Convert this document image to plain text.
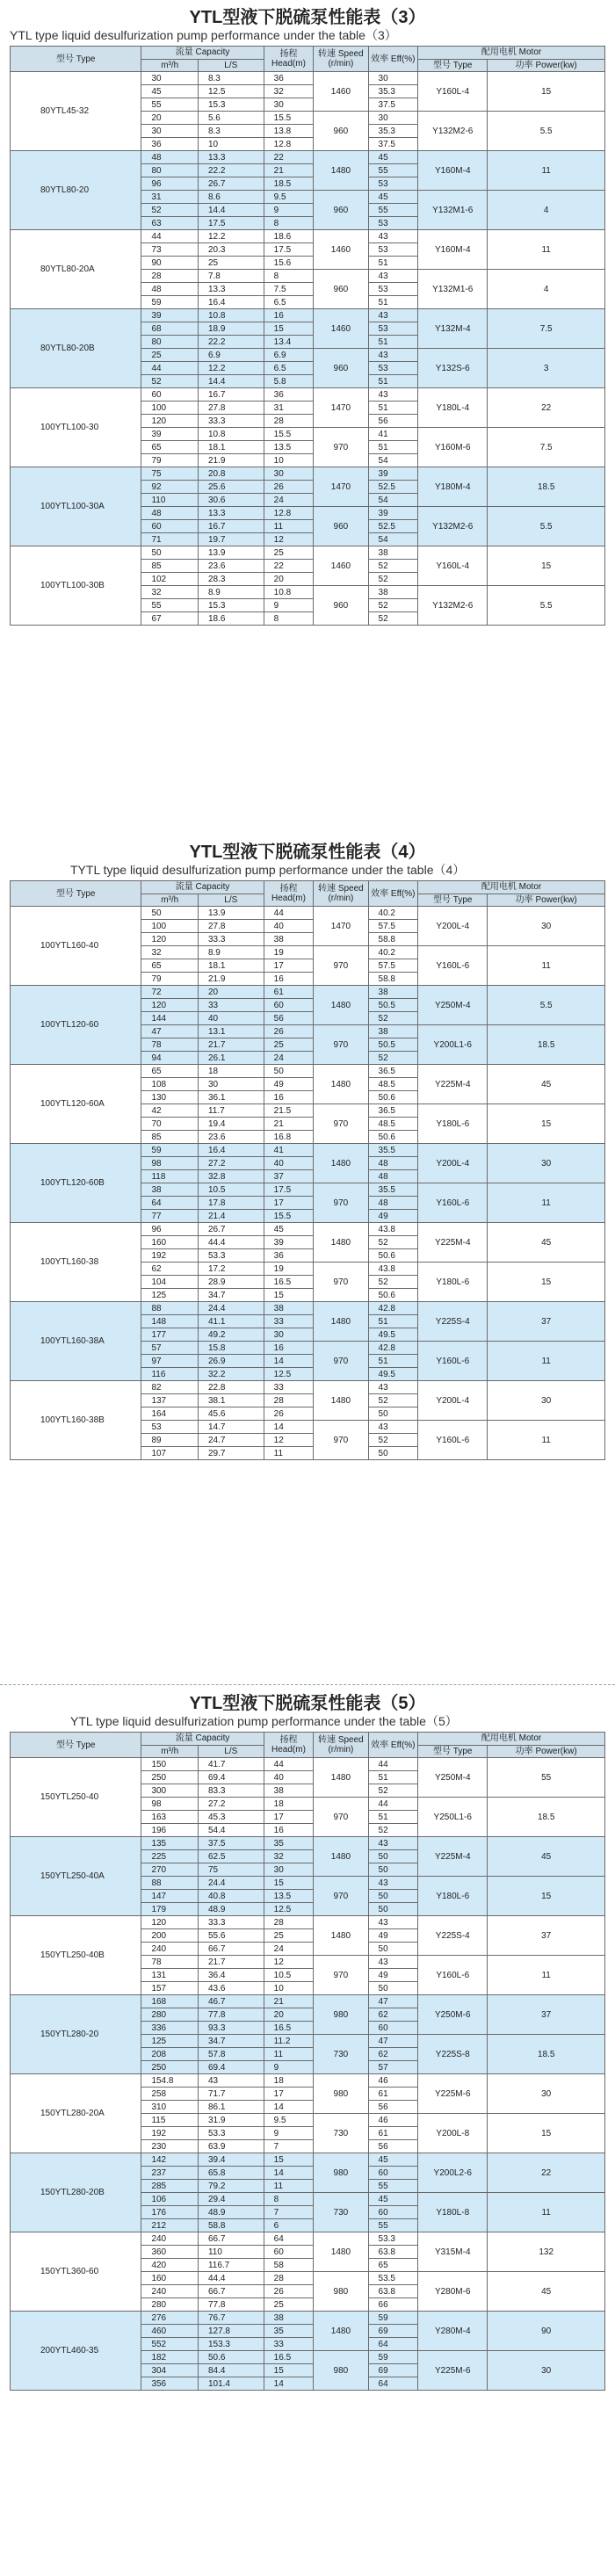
YTL型液下脱硫泵性能表（3）
YTL type liquid desulfurization pump performance under the table（3）
型号 Type	流量 Capacity		扬程 Head(m)	转速 Speed (r/min)	效率 Eff(%)	配用电机 Motor	
	m³/h	L/S				型号 Type	功率 Power(kw)
80YTL45-32	30	8.3	36	1460	30	Y160L-4	15
	45	12.5	32		35.3		
	55	15.3	30		37.5		
	20	5.6	15.5	960	30	Y132M2-6	5.5
	30	8.3	13.8		35.3		
	36	10	12.8		37.5		
80YTL80-20	48	13.3	22	1480	45	Y160M-4	11
	80	22.2	21		55		
	96	26.7	18.5		53		
	31	8.6	9.5	960	45	Y132M1-6	4
	52	14.4	9		55		
	63	17.5	8		53		
80YTL80-20A	44	12.2	18.6	1460	43	Y160M-4	11
	73	20.3	17.5		53		
	90	25	15.6		51		
	28	7.8	8	960	43	Y132M1-6	4
	48	13.3	7.5		53		
	59	16.4	6.5		51		
80YTL80-20B	39	10.8	16	1460	43	Y132M-4	7.5
	68	18.9	15		53		
	80	22.2	13.4		51		
	25	6.9	6.9	960	43	Y132S-6	3
	44	12.2	6.5		53		
	52	14.4	5.8		51		
100YTL100-30	60	16.7	36	1470	43	Y180L-4	22
	100	27.8	31		51		
	120	33.3	28		56		
	39	10.8	15.5	970	41	Y160M-6	7.5
	65	18.1	13.5		51		
	79	21.9	10		54		
100YTL100-30A	75	20.8	30	1470	39	Y180M-4	18.5
	92	25.6	26		52.5		
	110	30.6	24		54		
	48	13.3	12.8	960	39	Y132M2-6	5.5
	60	16.7	11		52.5		
	71	19.7	12		54		
100YTL100-30B	50	13.9	25	1460	38	Y160L-4	15
	85	23.6	22		52		
	102	28.3	20		52		
	32	8.9	10.8	960	38	Y132M2-6	5.5
	55	15.3	9		52		
	67	18.6	8		52		
YTL型液下脱硫泵性能表（4）
TYTL type liquid desulfurization pump performance under the table（4）
型号 Type	流量 Capacity		扬程 Head(m)	转速 Speed (r/min)	效率 Eff(%)	配用电机 Motor	
	m³/h	L/S				型号 Type	功率 Power(kw)
100YTL160-40	50	13.9	44	1470	40.2	Y200L-4	30
	100	27.8	40		57.5		
	120	33.3	38		58.8		
	32	8.9	19	970	40.2	Y160L-6	11
	65	18.1	17		57.5		
	79	21.9	16		58.8		
100YTL120-60	72	20	61	1480	38	Y250M-4	5.5
	120	33	60		50.5		
	144	40	56		52		
	47	13.1	26	970	38	Y200L1-6	18.5
	78	21.7	25		50.5		
	94	26.1	24		52		
100YTL120-60A	65	18	50	1480	36.5	Y225M-4	45
	108	30	49		48.5		
	130	36.1	16		50.6		
	42	11.7	21.5	970	36.5	Y180L-6	15
	70	19.4	21		48.5		
	85	23.6	16.8		50.6		
100YTL120-60B	59	16.4	41	1480	35.5	Y200L-4	30
	98	27.2	40		48		
	118	32.8	37		48		
	38	10.5	17.5	970	35.5	Y160L-6	11
	64	17.8	17		48		
	77	21.4	15.5		49		
100YTL160-38	96	26.7	45	1480	43.8	Y225M-4	45
	160	44.4	39		52		
	192	53.3	36		50.6		
	62	17.2	19	970	43.8	Y180L-6	15
	104	28.9	16.5		52		
	125	34.7	15		50.6		
100YTL160-38A	88	24.4	38	1480	42.8	Y225S-4	37
	148	41.1	33		51		
	177	49.2	30		49.5		
	57	15.8	16	970	42.8	Y160L-6	11
	97	26.9	14		51		
	116	32.2	12.5		49.5		
100YTL160-38B	82	22.8	33	1480	43	Y200L-4	30
	137	38.1	28		52		
	164	45.6	26		50		
	53	14.7	14	970	43	Y160L-6	11
	89	24.7	12		52		
	107	29.7	11		50		
YTL型液下脱硫泵性能表（5）
YTL type liquid desulfurization pump performance under the table（5）
型号 Type	流量 Capacity		扬程 Head(m)	转速 Speed (r/min)	效率 Eff(%)	配用电机 Motor	
	m³/h	L/S				型号 Type	功率 Power(kw)
150YTL250-40	150	41.7	44	1480	44	Y250M-4	55
	250	69.4	40		51		
	300	83.3	38		52		
	98	27.2	18	970	44	Y250L1-6	18.5
	163	45.3	17		51		
	196	54.4	16		52		
150YTL250-40A	135	37.5	35	1480	43	Y225M-4	45
	225	62.5	32		50		
	270	75	30		50		
	88	24.4	15	970	43	Y180L-6	15
	147	40.8	13.5		50		
	179	48.9	12.5		50		
150YTL250-40B	120	33.3	28	1480	43	Y225S-4	37
	200	55.6	25		49		
	240	66.7	24		50		
	78	21.7	12	970	43	Y160L-6	11
	131	36.4	10.5		49		
	157	43.6	10		50		
150YTL280-20	168	46.7	21	980	47	Y250M-6	37
	280	77.8	20		62		
	336	93.3	16.5		60		
	125	34.7	11.2	730	47	Y225S-8	18.5
	208	57.8	11		62		
	250	69.4	9		57		
150YTL280-20A	154.8	43	18	980	46	Y225M-6	30
	258	71.7	17		61		
	310	86.1	14		56		
	115	31.9	9.5	730	46	Y200L-8	15
	192	53.3	9		61		
	230	63.9	7		56		
150YTL280-20B	142	39.4	15	980	45	Y200L2-6	22
	237	65.8	14		60		
	285	79.2	11		55		
	106	29.4	8	730	45	Y180L-8	11
	176	48.9	7		60		
	212	58.8	6		55		
150YTL360-60	240	66.7	64	1480	53.3	Y315M-4	132
	360	110	60		63.8		
	420	116.7	58		65		
	160	44.4	28	980	53.5	Y280M-6	45
	240	66.7	26		63.8		
	280	77.8	25		66		
200YTL460-35	276	76.7	38	1480	59	Y280M-4	90
	460	127.8	35		69		
	552	153.3	33		64		
	182	50.6	16.5	980	59	Y225M-6	30
	304	84.4	15		69		
	356	101.4	14		64		
